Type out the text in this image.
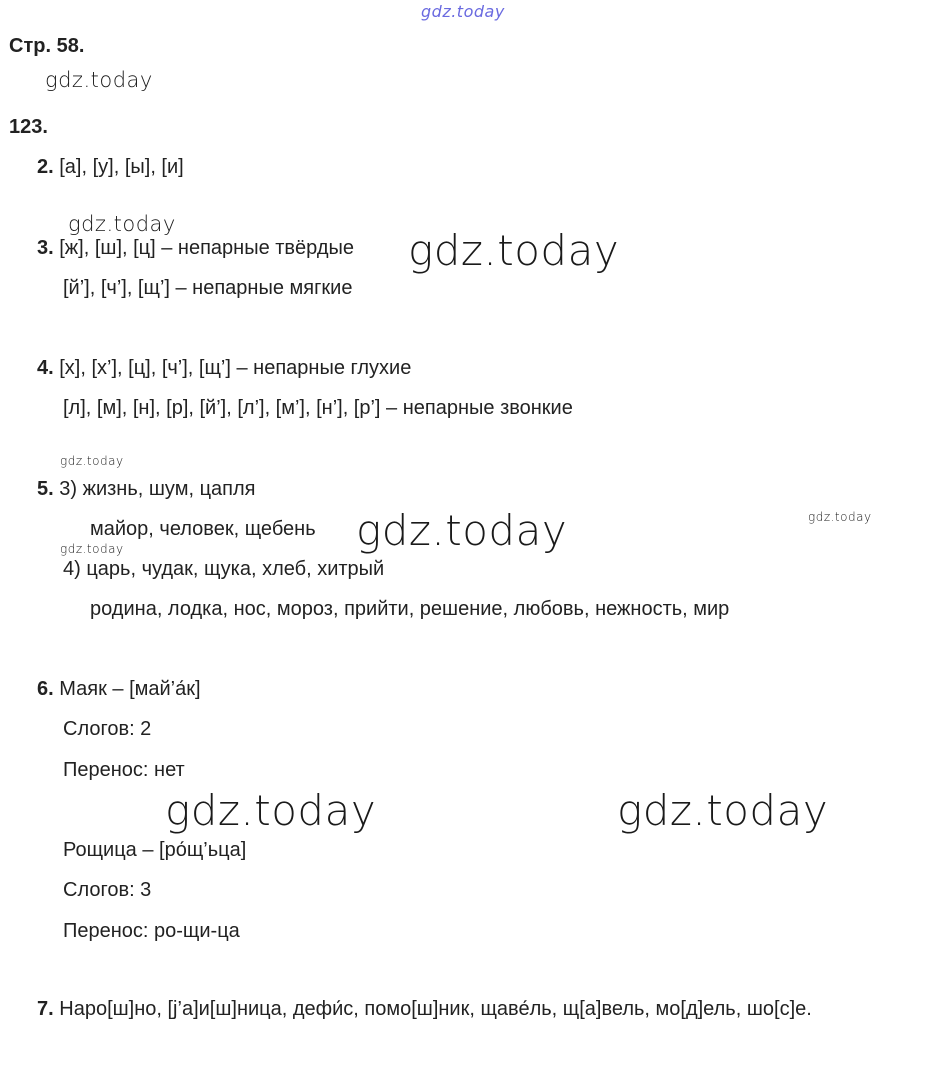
gdz.today
gdz.today
gdz.today
gdz.today
gdz.today
gdz.today
gdz.today	gdz.today
gdz.today	gdz.today
Стр. 58.
123.
2. [а], [у], [ы], [и]
3. [ж], [ш], [ц] – непарные твёрдые
[й’], [ч’], [щ’] – непарные мягкие
4. [х], [х’], [ц], [ч’], [щ’] – непарные глухие
[л], [м], [н], [р], [й’], [л’], [м’], [н’], [р’] – непарные звонкие
5. 3) жизнь, шум, цапля
майор, человек, щебень
4) царь, чудак, щука, хлеб, хитрый
родина, лодка, нос, мороз, прийти, решение, любовь, нежность, мир
6. Маяк – [май’а́к]
Слогов: 2
Перенос: нет
Рощица – [ро́щ’ьца]
Слогов: 3
Перенос: ро-щи-ца
7. Наро[ш]но, [j’а]и[ш]ница, дефи́с, помо[ш]ник, щаве́ль, щ[а]вель, мо[д]ель, шо[с]е.
